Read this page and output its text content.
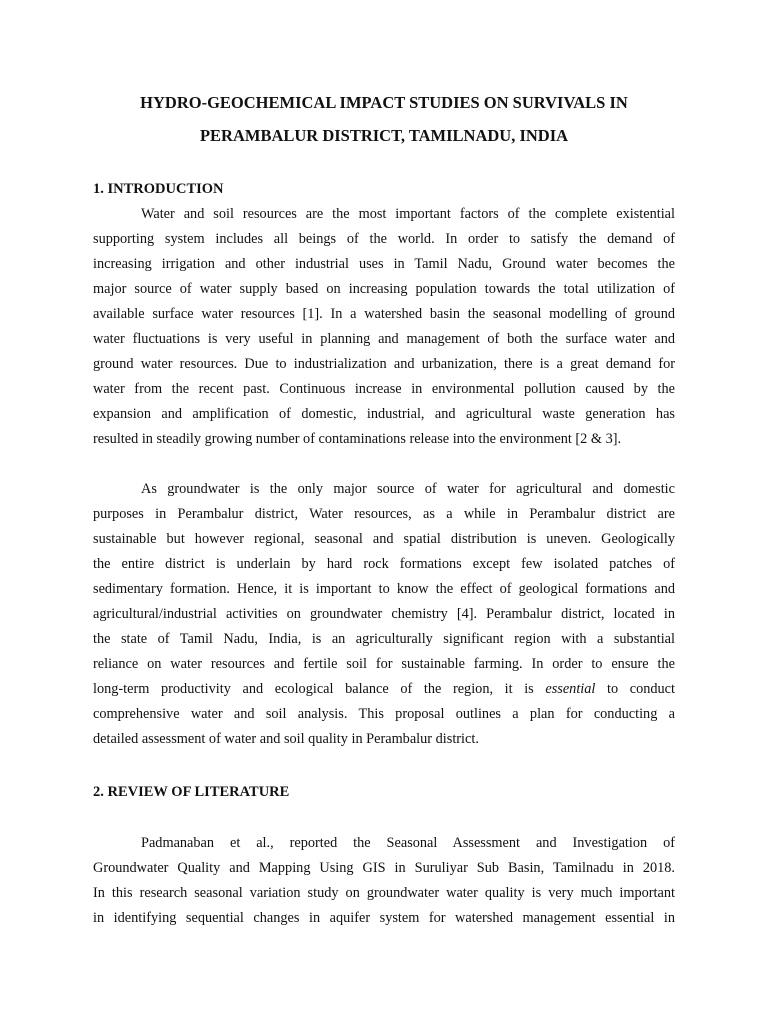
HYDRO-GEOCHEMICAL IMPACT STUDIES ON SURVIVALS IN
PERAMBALUR DISTRICT, TAMILNADU, INDIA
1. INTRODUCTION
Water and soil resources are the most important factors of the complete existential
supporting system includes all beings of the world. In order to satisfy the demand of
increasing irrigation and other industrial uses in Tamil Nadu, Ground water becomes the
major source of water supply based on increasing population towards the total utilization of
available surface water resources [1]. In a watershed basin the seasonal modelling of ground
water fluctuations is very useful in planning and management of both the surface water and
ground water resources. Due to industrialization and urbanization, there is a great demand for
water from the recent past. Continuous increase in environmental pollution caused by the
expansion and amplification of domestic, industrial, and agricultural waste generation has
resulted in steadily growing number of contaminations release into the environment [2 & 3].
As groundwater is the only major source of water for agricultural and domestic
purposes in Perambalur district, Water resources, as a while in Perambalur district are
sustainable but however regional, seasonal and spatial distribution is uneven. Geologically
the entire district is underlain by hard rock formations except few isolated patches of
sedimentary formation. Hence, it is important to know the effect of geological formations and
agricultural/industrial activities on groundwater chemistry [4]. Perambalur district, located in
the state of Tamil Nadu, India, is an agriculturally significant region with a substantial
reliance on water resources and fertile soil for sustainable farming. In order to ensure the
long-term productivity and ecological balance of the region, it is essential to conduct
comprehensive water and soil analysis. This proposal outlines a plan for conducting a
detailed assessment of water and soil quality in Perambalur district.
2. REVIEW OF LITERATURE
Padmanaban et al., reported the Seasonal Assessment and Investigation of
Groundwater Quality and Mapping Using GIS in Suruliyar Sub Basin, Tamilnadu in 2018.
In this research seasonal variation study on groundwater water quality is very much important
in identifying sequential changes in aquifer system for watershed management essential in
